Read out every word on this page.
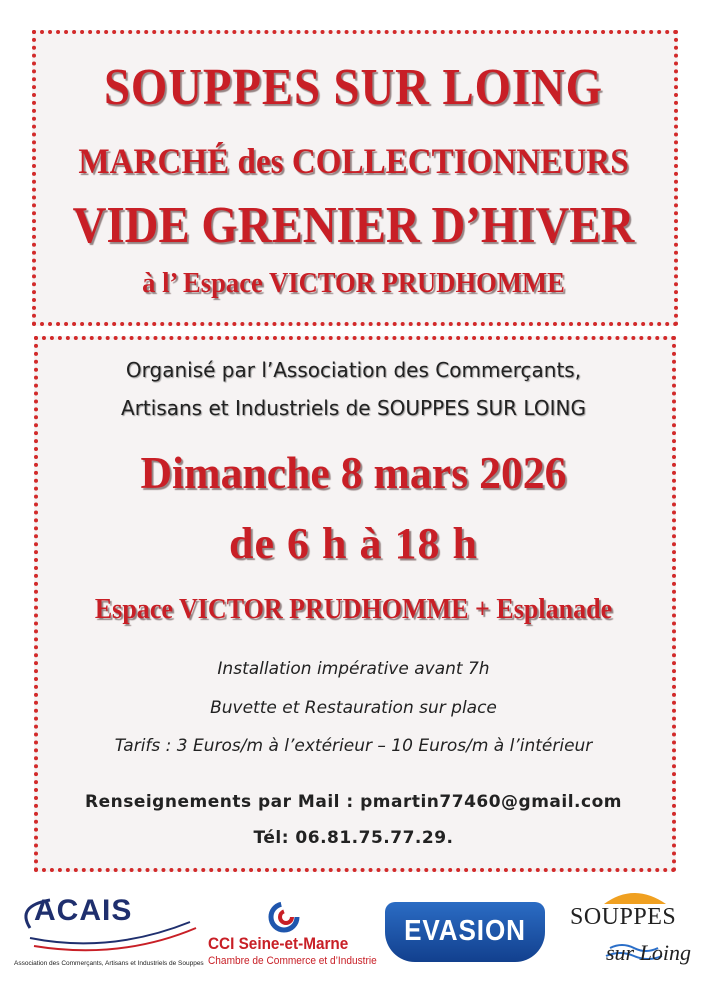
SOUPPES SUR LOING
MARCHÉ des COLLECTIONNEURS
VIDE GRENIER D’HIVER
à l’ Espace VICTOR PRUDHOMME
Organisé par l’Association des Commerçants,
Artisans et Industriels de SOUPPES SUR LOING
Dimanche 8 mars 2026
de 6 h à 18 h
Espace VICTOR PRUDHOMME + Esplanade
Installation impérative avant 7h
Buvette et Restauration sur place
Tarifs : 3 Euros/m à l’extérieur – 10 Euros/m à l’intérieur
Renseignements par Mail : pmartin77460@gmail.com
Tél: 06.81.75.77.29.
ACAIS
Association des Commerçants, Artisans et Industriels de Souppes
CCI Seine-et-Marne
Chambre de Commerce et d’Industrie
EVASION	SOUPPES
sur Loing
